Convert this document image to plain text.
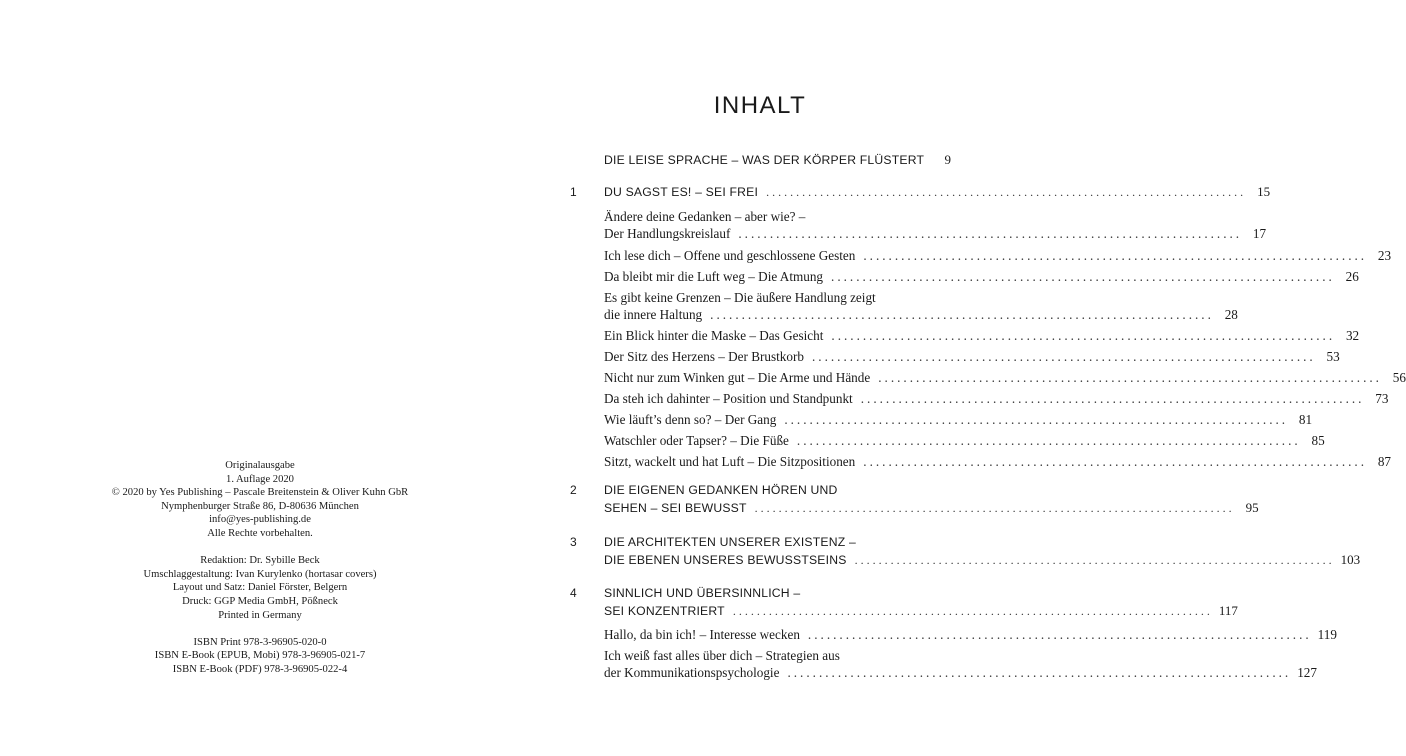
Originalausgabe
1. Auflage 2020
© 2020 by Yes Publishing – Pascale Breitenstein & Oliver Kuhn GbR
Nymphenburger Straße 86, D-80636 München
info@yes-publishing.de
Alle Rechte vorbehalten.
Redaktion: Dr. Sybille Beck
Umschlaggestaltung: Ivan Kurylenko (hortasar covers)
Layout und Satz: Daniel Förster, Belgern
Druck: GGP Media GmbH, Pößneck
Printed in Germany
ISBN Print 978-3-96905-020-0
ISBN E-Book (EPUB, Mobi) 978-3-96905-021-7
ISBN E-Book (PDF) 978-3-96905-022-4
INHALT
DIE LEISE SPRACHE – WAS DER KÖRPER FLÜSTERT	9
1 DU SAGST ES! – SEI FREI ................................................................................ 15
Ändere deine Gedanken – aber wie? –
Der Handlungskreislauf ................................................................................ 17
Ich lese dich – Offene und geschlossene Gesten ................................................................................ 23
Da bleibt mir die Luft weg – Die Atmung ................................................................................ 26
Es gibt keine Grenzen – Die äußere Handlung zeigt
die innere Haltung ................................................................................ 28
Ein Blick hinter die Maske – Das Gesicht ................................................................................ 32
Der Sitz des Herzens – Der Brustkorb ................................................................................ 53
Nicht nur zum Winken gut – Die Arme und Hände ................................................................................ 56
Da steh ich dahinter – Position und Standpunkt ................................................................................ 73
Wie läuft’s denn so? – Der Gang ................................................................................ 81
Watschler oder Tapser? – Die Füße ................................................................................ 85
Sitzt, wackelt und hat Luft – Die Sitzpositionen ................................................................................ 87
2 DIE EIGENEN GEDANKEN HÖREN UND
SEHEN – SEI BEWUSST ................................................................................ 95
3 DIE ARCHITEKTEN UNSERER EXISTENZ –
DIE EBENEN UNSERES BEWUSSTSEINS ................................................................................ 103
4 SINNLICH UND ÜBERSINNLICH –
SEI KONZENTRIERT ................................................................................ 117
Hallo, da bin ich! – Interesse wecken ................................................................................ 119
Ich weiß fast alles über dich – Strategien aus
der Kommunikationspsychologie ................................................................................ 127
